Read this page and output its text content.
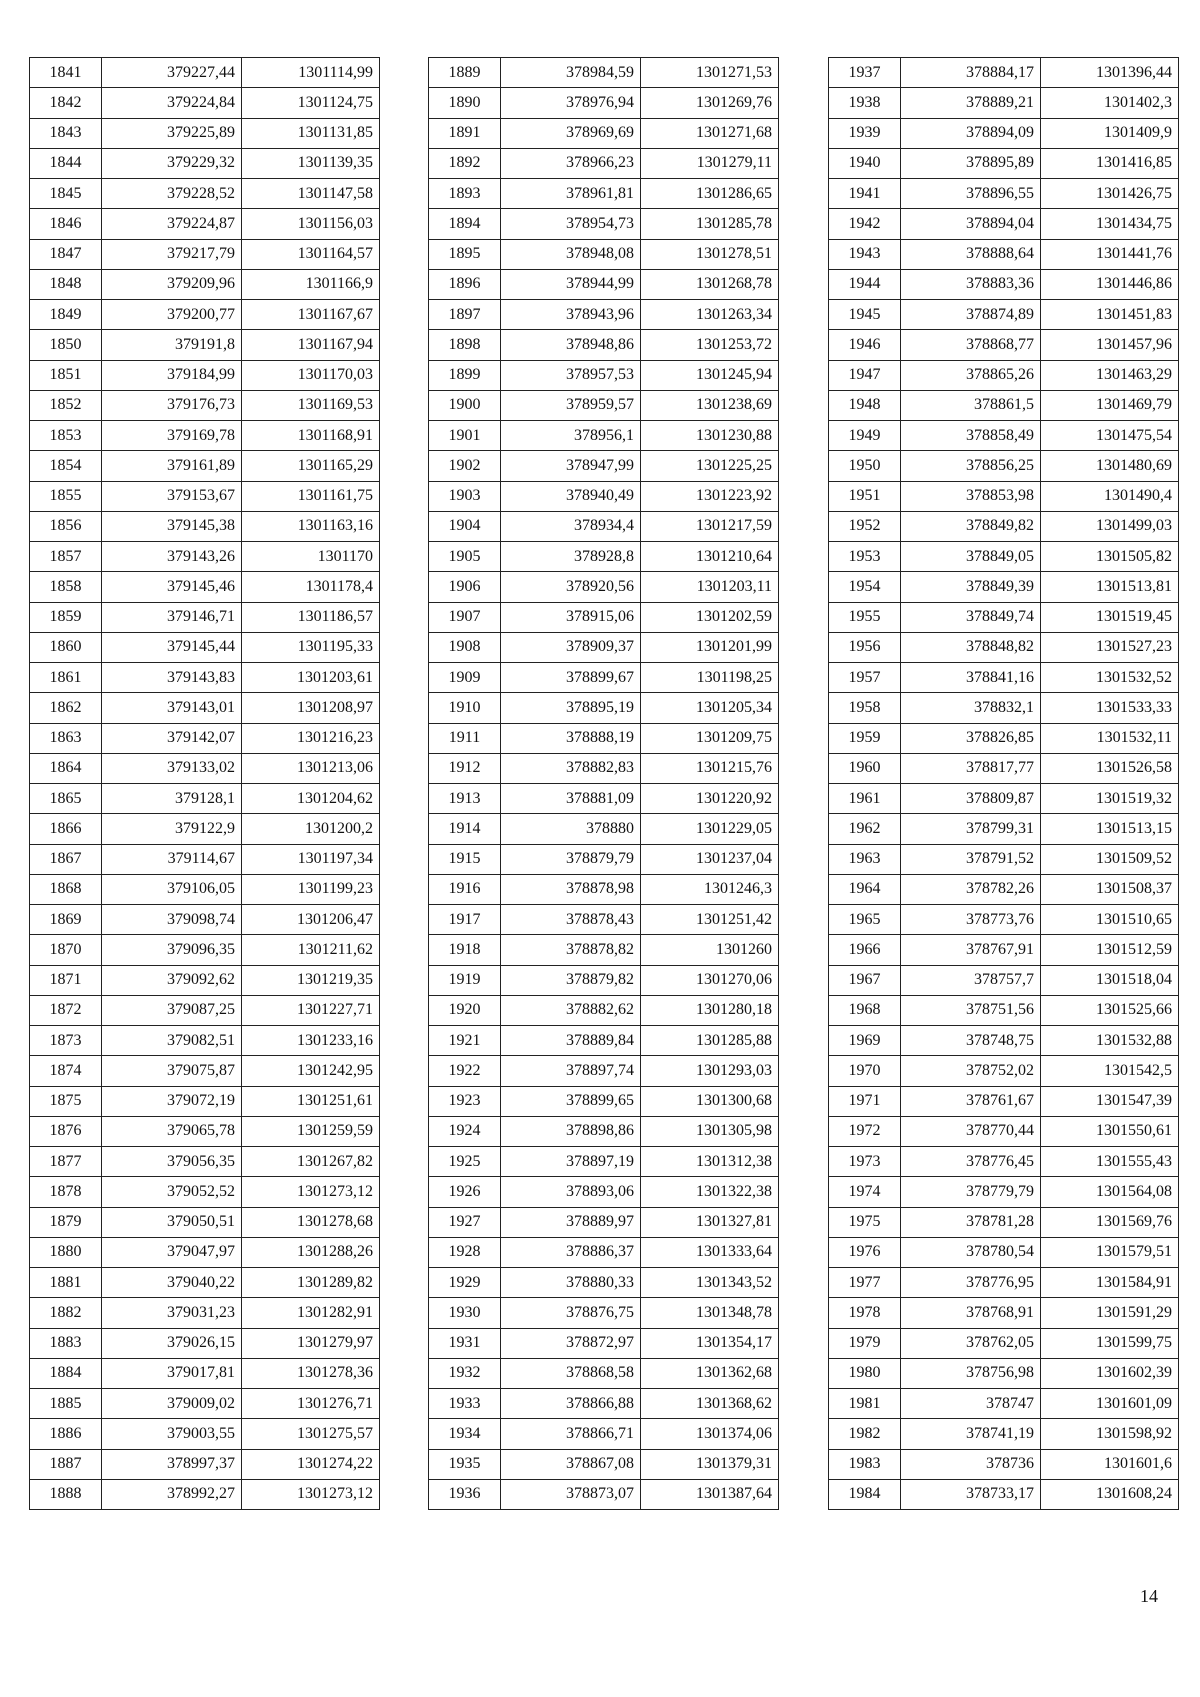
1841	379227,44	1301114,99
1842	379224,84	1301124,75
1843	379225,89	1301131,85
1844	379229,32	1301139,35
1845	379228,52	1301147,58
1846	379224,87	1301156,03
1847	379217,79	1301164,57
1848	379209,96	1301166,9
1849	379200,77	1301167,67
1850	379191,8	1301167,94
1851	379184,99	1301170,03
1852	379176,73	1301169,53
1853	379169,78	1301168,91
1854	379161,89	1301165,29
1855	379153,67	1301161,75
1856	379145,38	1301163,16
1857	379143,26	1301170
1858	379145,46	1301178,4
1859	379146,71	1301186,57
1860	379145,44	1301195,33
1861	379143,83	1301203,61
1862	379143,01	1301208,97
1863	379142,07	1301216,23
1864	379133,02	1301213,06
1865	379128,1	1301204,62
1866	379122,9	1301200,2
1867	379114,67	1301197,34
1868	379106,05	1301199,23
1869	379098,74	1301206,47
1870	379096,35	1301211,62
1871	379092,62	1301219,35
1872	379087,25	1301227,71
1873	379082,51	1301233,16
1874	379075,87	1301242,95
1875	379072,19	1301251,61
1876	379065,78	1301259,59
1877	379056,35	1301267,82
1878	379052,52	1301273,12
1879	379050,51	1301278,68
1880	379047,97	1301288,26
1881	379040,22	1301289,82
1882	379031,23	1301282,91
1883	379026,15	1301279,97
1884	379017,81	1301278,36
1885	379009,02	1301276,71
1886	379003,55	1301275,57
1887	378997,37	1301274,22
1888	378992,27	1301273,12
1889	378984,59	1301271,53
1890	378976,94	1301269,76
1891	378969,69	1301271,68
1892	378966,23	1301279,11
1893	378961,81	1301286,65
1894	378954,73	1301285,78
1895	378948,08	1301278,51
1896	378944,99	1301268,78
1897	378943,96	1301263,34
1898	378948,86	1301253,72
1899	378957,53	1301245,94
1900	378959,57	1301238,69
1901	378956,1	1301230,88
1902	378947,99	1301225,25
1903	378940,49	1301223,92
1904	378934,4	1301217,59
1905	378928,8	1301210,64
1906	378920,56	1301203,11
1907	378915,06	1301202,59
1908	378909,37	1301201,99
1909	378899,67	1301198,25
1910	378895,19	1301205,34
1911	378888,19	1301209,75
1912	378882,83	1301215,76
1913	378881,09	1301220,92
1914	378880	1301229,05
1915	378879,79	1301237,04
1916	378878,98	1301246,3
1917	378878,43	1301251,42
1918	378878,82	1301260
1919	378879,82	1301270,06
1920	378882,62	1301280,18
1921	378889,84	1301285,88
1922	378897,74	1301293,03
1923	378899,65	1301300,68
1924	378898,86	1301305,98
1925	378897,19	1301312,38
1926	378893,06	1301322,38
1927	378889,97	1301327,81
1928	378886,37	1301333,64
1929	378880,33	1301343,52
1930	378876,75	1301348,78
1931	378872,97	1301354,17
1932	378868,58	1301362,68
1933	378866,88	1301368,62
1934	378866,71	1301374,06
1935	378867,08	1301379,31
1936	378873,07	1301387,64
1937	378884,17	1301396,44
1938	378889,21	1301402,3
1939	378894,09	1301409,9
1940	378895,89	1301416,85
1941	378896,55	1301426,75
1942	378894,04	1301434,75
1943	378888,64	1301441,76
1944	378883,36	1301446,86
1945	378874,89	1301451,83
1946	378868,77	1301457,96
1947	378865,26	1301463,29
1948	378861,5	1301469,79
1949	378858,49	1301475,54
1950	378856,25	1301480,69
1951	378853,98	1301490,4
1952	378849,82	1301499,03
1953	378849,05	1301505,82
1954	378849,39	1301513,81
1955	378849,74	1301519,45
1956	378848,82	1301527,23
1957	378841,16	1301532,52
1958	378832,1	1301533,33
1959	378826,85	1301532,11
1960	378817,77	1301526,58
1961	378809,87	1301519,32
1962	378799,31	1301513,15
1963	378791,52	1301509,52
1964	378782,26	1301508,37
1965	378773,76	1301510,65
1966	378767,91	1301512,59
1967	378757,7	1301518,04
1968	378751,56	1301525,66
1969	378748,75	1301532,88
1970	378752,02	1301542,5
1971	378761,67	1301547,39
1972	378770,44	1301550,61
1973	378776,45	1301555,43
1974	378779,79	1301564,08
1975	378781,28	1301569,76
1976	378780,54	1301579,51
1977	378776,95	1301584,91
1978	378768,91	1301591,29
1979	378762,05	1301599,75
1980	378756,98	1301602,39
1981	378747	1301601,09
1982	378741,19	1301598,92
1983	378736	1301601,6
1984	378733,17	1301608,24
14
